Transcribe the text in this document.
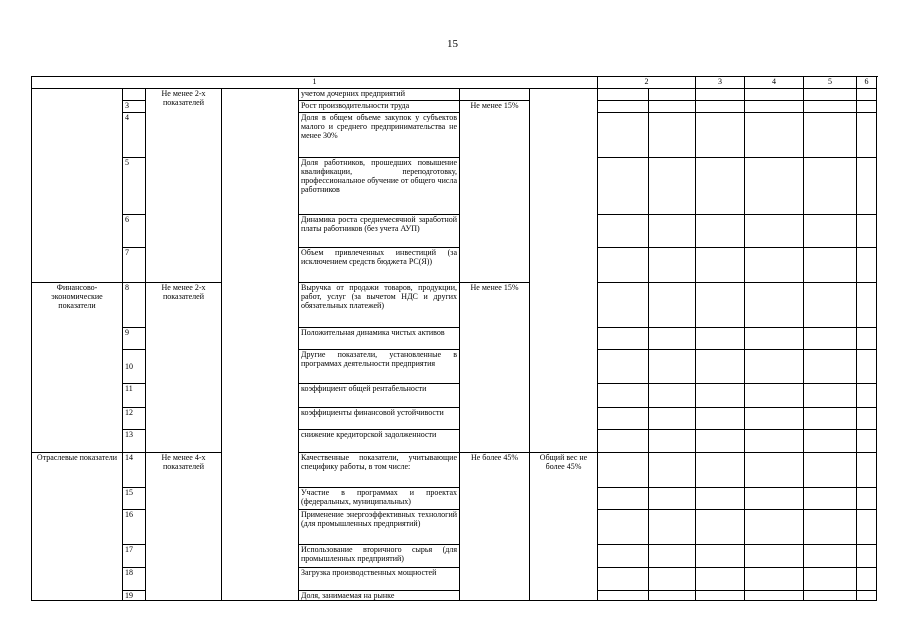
15
1							2		3	4	5	6
		Не менее 2-х показателей		учетом дочерних предприятий								
	3			Рост производительности труда	Не менее 15%							
	4			Доля в общем объеме закупок у субъектов малого и среднего предпринимательства не менее 30%								
	5			Доля работников, прошедших повышение квалификации, переподготовку, профессиональное обучение от общего числа работников								
	6			Динамика роста среднемесячной заработной платы работников (без учета АУП)								
	7			Объем привлеченных инвестиций (за исключением средств бюджета РС(Я))								
Финансово-экономические показатели	8	Не менее 2-х показателей		Выручка от продажи товаров, продукции, работ, услуг (за вычетом НДС и других обязательных платежей)	Не менее 15%							
	9			Положительная динамика чистых активов								
	10			Другие показатели, установленные в программах деятельности предприятия								
	11			коэффициент общей рентабельности								
	12			коэффициенты финансовой устойчивости								
	13			снижение кредиторской задолженности								
Отраслевые показатели	14	Не менее 4-х показателей		Качественные показатели, учитывающие специфику работы, в том числе:	Не более 45%	Общий вес не более 45%						
	15			Участие в программах и проектах (федеральных, муниципальных)								
	16			Применение энергоэффективных технологий (для промышленных предприятий)								
	17			Использование вторичного сырья (для промышленных предприятий)								
	18			Загрузка производственных мощностей								
	19			Доля, занимаемая на рынке								
